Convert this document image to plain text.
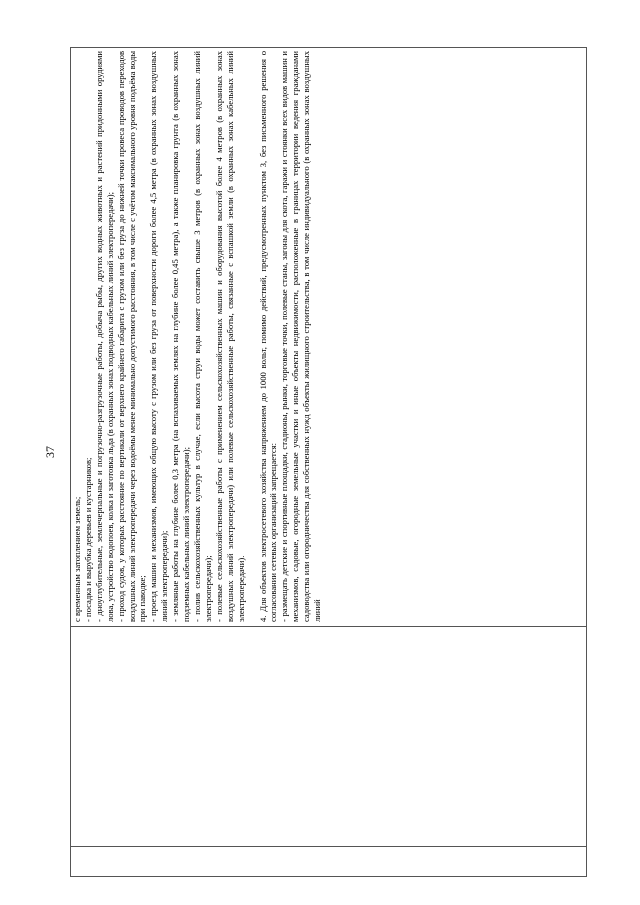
37

с временным затоплением земель; - посадка и вырубка деревьев и кустарников; - дноуглубительные, землечерпальные и погрузочно-разгрузочные работы, добыча рыбы, других водных животных и растений придонными орудиями лова, устройство водопоев, колка и заготовка льда (в охранных зонах подводных кабельных линий электропередачи); - проход судов, у которых расстояние по вертикали от верхнего крайнего габарита с грузом или без груза до нижней точки провеса проводов переходов воздушных линий электропередачи через водоёмы менее минимально допустимого расстояния, в том числе с учётом максимального уровня подъёма воды при паводке; - проезд машин и механизмов, имеющих общую высоту с грузом или без груза от поверхности дороги более 4,5 метра (в охранных зонах воздушных линий электропередачи); - земляные работы на глубине более 0,3 метра (на вспахиваемых землях на глубине более 0,45 метра), а также планировка грунта (в охранных зонах подземных кабельных линий электропередачи); - полив сельскохозяйственных культур в случае, если высота струи воды может составить свыше 3 метров (в охранных зонах воздушных линий электропередачи); - полевые сельскохозяйственные работы с применением сельскохозяйственных машин и оборудования высотой более 4 метров (в охранных зонах воздушных линий электропередачи) или полевые сельскохозяйственные работы, связанные с вспашкой земли (в охранных зонах кабельных линий электропередачи). 4. Для объектов электросетевого хозяйства напряжением до 1000 вольт, помимо действий, предусмотренных пунктом 3, без письменного решения о согласовании сетевых организаций запрещается: - размещать детские и спортивные площадки, стадионы, рынки, торговые точки, полевые станы, загоны для скота, гаражи и стоянки всех видов машин и механизмов, садовые, огородные земельные участки и иные объекты недвижимости, расположенные в границах территории ведения гражданами садоводства или огородничества для собственных нужд объекты жилищного строительства, в том числе индивидуального (в охранных зонах воздушных линий
